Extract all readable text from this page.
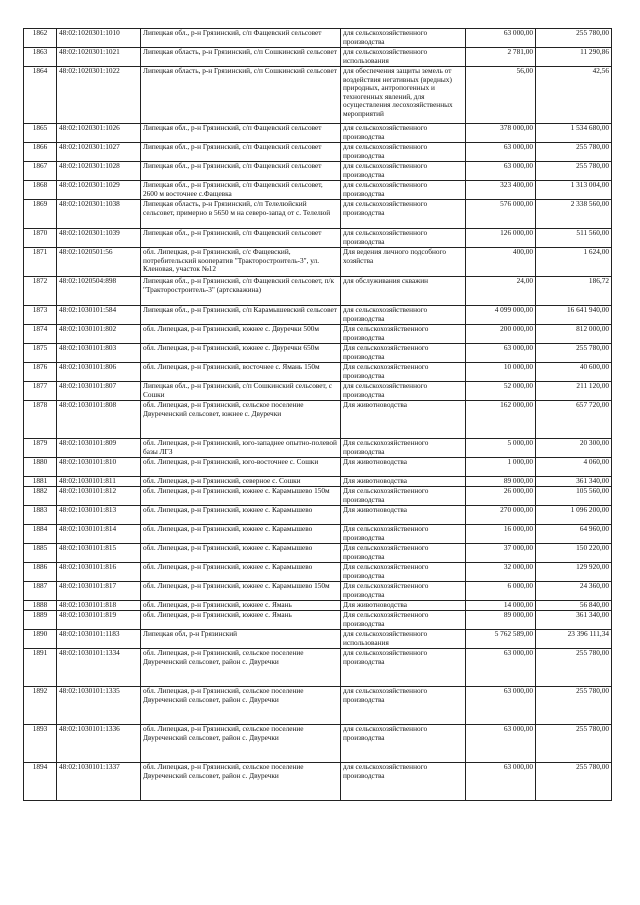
1862	48:02:1020301:1010	Липецкая обл., р-н Грязинский, с/п Фащевский сельсовет	для сельскохозяйственного производства	63 000,00	255 780,00
1863	48:02:1020301:1021	Липецкая область, р-н Грязинский, с/п Сошкинский сельсовет	для сельскохозяйственного использования	2 781,00	11 290,86
1864	48:02:1020301:1022	Липецкая область, р-н Грязинский, с/п Сошкинский сельсовет	для обеспечения защиты земель от воздействия негативных (вредных) природных, антропогенных и техногенных явлений, для осуществления лесохозяйственных мероприятий	56,00	42,56
1865	48:02:1020301:1026	Липецкая обл., р-н Грязинский, с/п Фащевский сельсовет	для сельскохозяйственного производства	378 000,00	1 534 680,00
1866	48:02:1020301:1027	Липецкая обл., р-н Грязинский, с/п Фащевский сельсовет	для сельскохозяйственного производства	63 000,00	255 780,00
1867	48:02:1020301:1028	Липецкая обл., р-н Грязинский, с/п Фащевский сельсовет	для сельскохозяйственного производства	63 000,00	255 780,00
1868	48:02:1020301:1029	Липецкая обл., р-н Грязинский, с/п Фащевский сельсовет, 2600 м восточнее с.Фащевка	для сельскохозяйственного производства	323 400,00	1 313 004,00
1869	48:02:1020301:1038	Липецкая область, р-н Грязинский, с/п Телелюйский сельсовет, примерно в 5650 м на северо-запад от с. Телелюй	для сельскохозяйственного производства	576 000,00	2 338 560,00
1870	48:02:1020301:1039	Липецкая обл., р-н Грязинский, с/п Фащевский сельсовет	для сельскохозяйственного производства	126 000,00	511 560,00
1871	48:02:1020501:56	обл. Липецкая, р-н Грязинский, с/с Фащевский, потребительский кооператив "Тракторостроитель-3", ул. Кленовая, участок №12	Для ведения личного подсобного хозяйства	400,00	1 624,00
1872	48:02:1020504:898	Липецкая обл., р-н Грязинский, с/п Фащевский сельсовет, п/к "Тракторостроитель-3" (артскважина)	для обслуживания скважин	24,00	186,72
1873	48:02:1030101:584	Липецкая обл., р-н Грязинский, с/п Карамышевский сельсовет	для сельскохозяйственного производства	4 099 000,00	16 641 940,00
1874	48:02:1030101:802	обл. Липецкая, р-н Грязинский, южнее с. Двуречки 500м	Для сельскохозяйственного производства	200 000,00	812 000,00
1875	48:02:1030101:803	обл. Липецкая, р-н Грязинский, южнее с. Двуречки 650м	Для сельскохозяйственного производства	63 000,00	255 780,00
1876	48:02:1030101:806	обл. Липецкая, р-н Грязинский, восточнее с. Ямань 150м	Для сельскохозяйственного производства	10 000,00	40 600,00
1877	48:02:1030101:807	Липецкая обл., р-н Грязинский, с/п Сошкинский сельсовет, с Сошки	для сельскохозяйственного производства	52 000,00	211 120,00
1878	48:02:1030101:808	обл. Липецкая, р-н Грязинский, сельское поселение Двуреченский сельсовет, южнее с. Двуречки	Для животноводства	162 000,00	657 720,00
1879	48:02:1030101:809	обл. Липецкая, р-н Грязинский, юго-западнее опытно-полевой базы ЛГЗ	Для сельскохозяйственного производства	5 000,00	20 300,00
1880	48:02:1030101:810	обл. Липецкая, р-н Грязинский, юго-восточнее с. Сошки	Для животноводства	1 000,00	4 060,00
1881	48:02:1030101:811	обл. Липецкая, р-н Грязинский, северное с. Сошки	Для животноводства	89 000,00	361 340,00
1882	48:02:1030101:812	обл. Липецкая, р-н Грязинский, южнее с. Карамышево 150м	Для сельскохозяйственного производства	26 000,00	105 560,00
1883	48:02:1030101:813	обл. Липецкая, р-н Грязинский, южнее с. Карамышево	Для животноводства	270 000,00	1 096 200,00
1884	48:02:1030101:814	обл. Липецкая, р-н Грязинский, южнее с. Карамышево	Для сельскохозяйственного производства	16 000,00	64 960,00
1885	48:02:1030101:815	обл. Липецкая, р-н Грязинский, южнее с. Карамышево	Для сельскохозяйственного производства	37 000,00	150 220,00
1886	48:02:1030101:816	обл. Липецкая, р-н Грязинский, южнее с. Карамышево	Для сельскохозяйственного производства	32 000,00	129 920,00
1887	48:02:1030101:817	обл. Липецкая, р-н Грязинский, южнее с. Карамышево 150м	Для сельскохозяйственного производства	6 000,00	24 360,00
1888	48:02:1030101:818	обл. Липецкая, р-н Грязинский, южнее с. Ямань	Для животноводства	14 000,00	56 840,00
1889	48:02:1030101:819	обл. Липецкая, р-н Грязинский, южнее с. Ямань	Для сельскохозяйственного производства	89 000,00	361 340,00
1890	48:02:1030101:1183	Липецкая обл, р-н Грязинский	для сельскохозяйственного использования	5 762 589,00	23 396 111,34
1891	48:02:1030101:1334	обл. Липецкая, р-н Грязинский, сельское поселение Двуреченский сельсовет, район с. Двуречки	для сельскохозяйственного производства	63 000,00	255 780,00
1892	48:02:1030101:1335	обл. Липецкая, р-н Грязинский, сельское поселение Двуреченский сельсовет, район с. Двуречки	для сельскохозяйственного производства	63 000,00	255 780,00
1893	48:02:1030101:1336	обл. Липецкая, р-н Грязинский, сельское поселение Двуреченский сельсовет, район с. Двуречки	для сельскохозяйственного производства	63 000,00	255 780,00
1894	48:02:1030101:1337	обл. Липецкая, р-н Грязинский, сельское поселение Двуреченский сельсовет, район с. Двуречки	для сельскохозяйственного производства	63 000,00	255 780,00
